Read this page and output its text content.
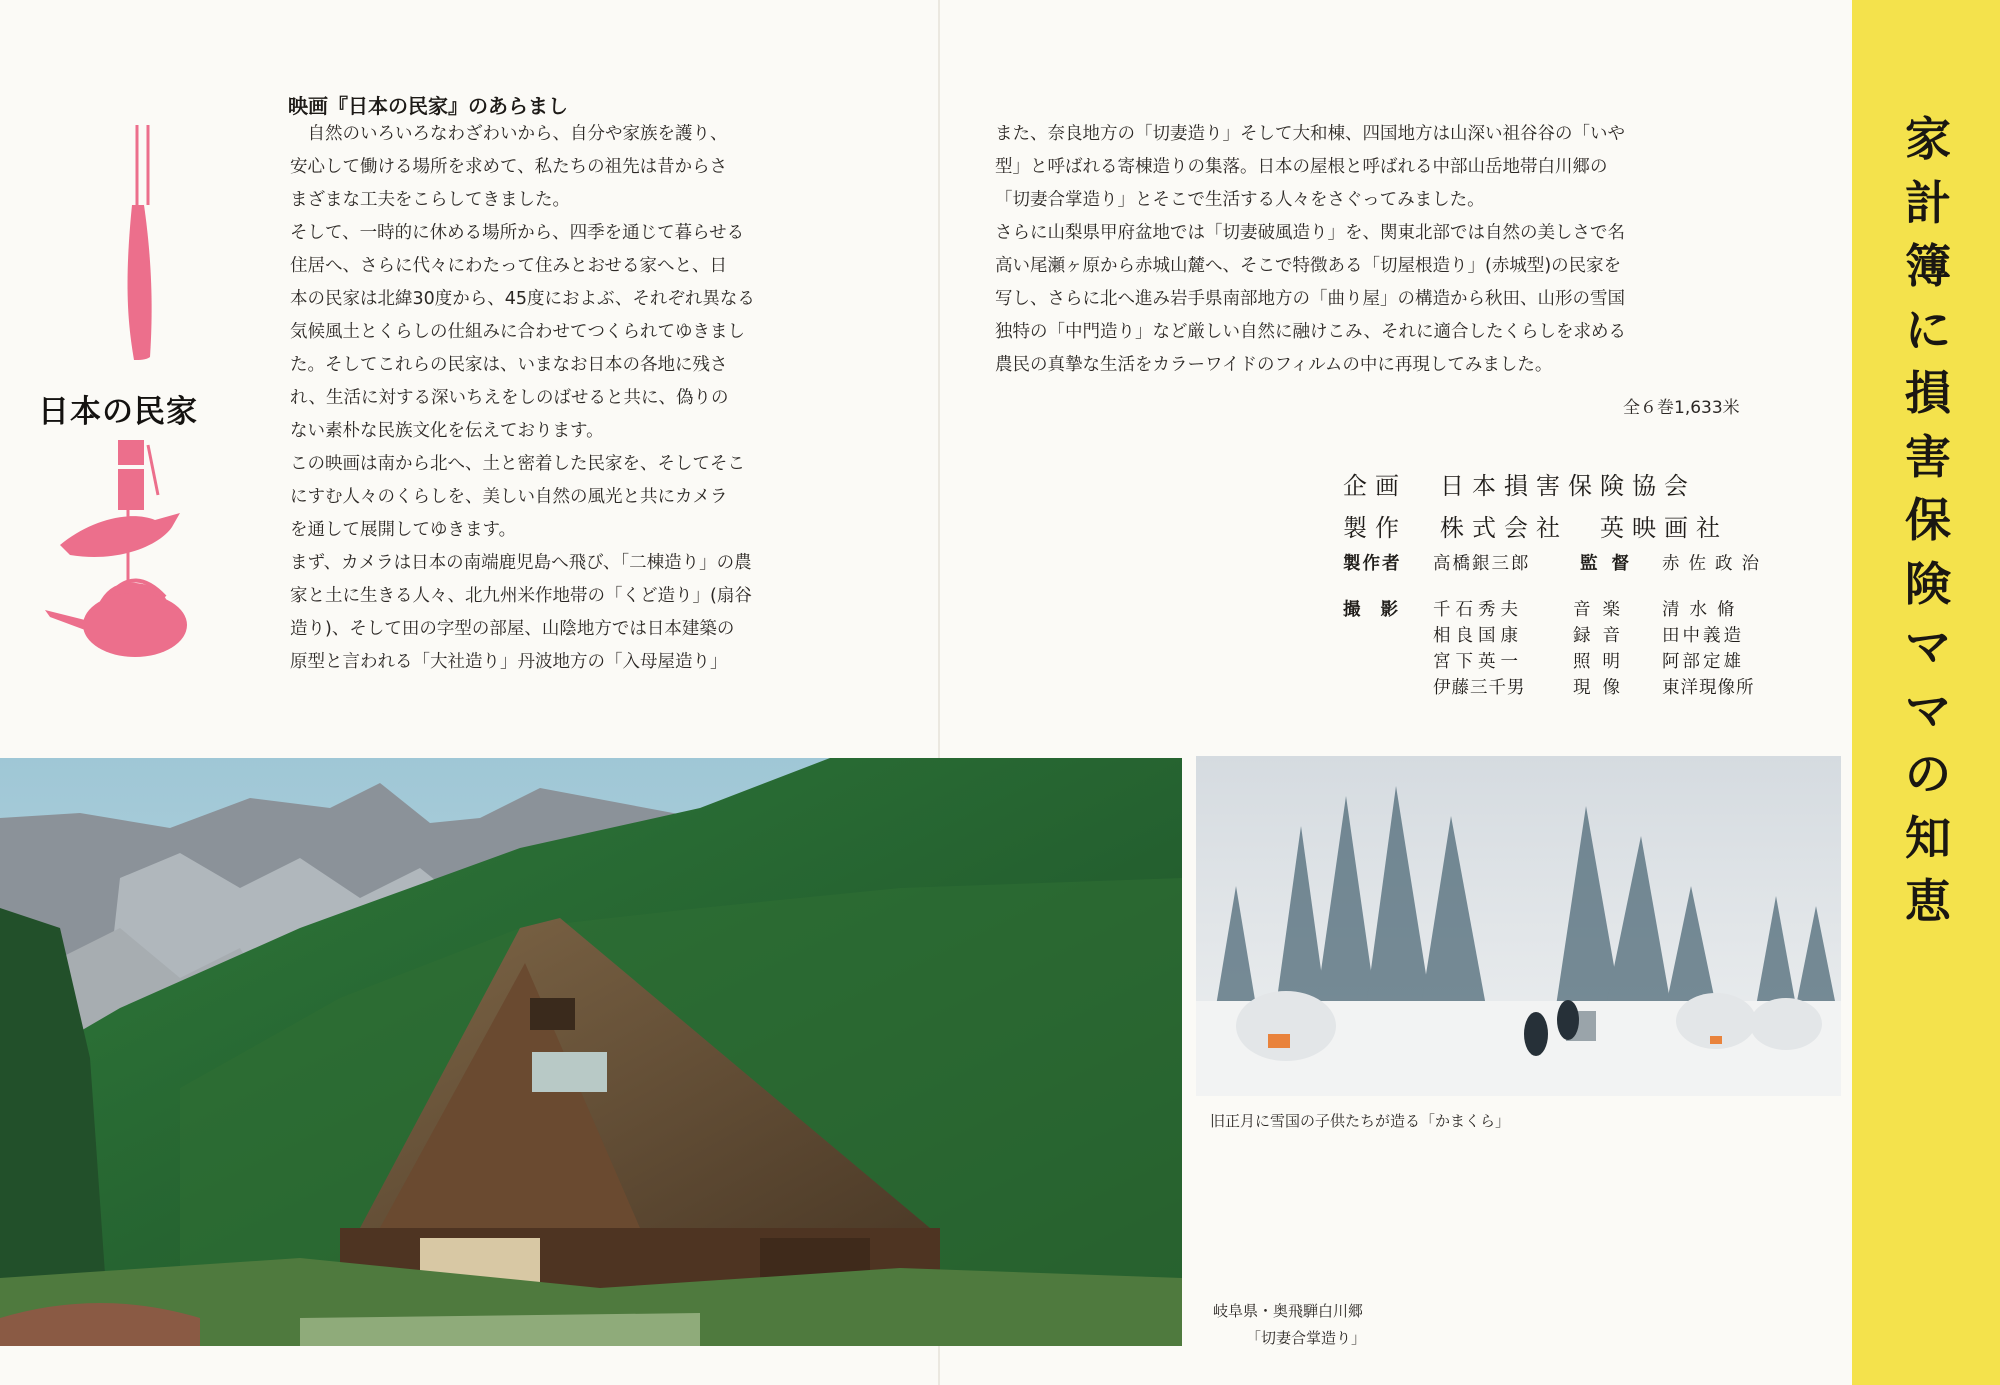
日本の民家
映画『日本の民家』のあらまし

　自然のいろいろなわざわいから、自分や家族を護り、

安心して働ける場所を求めて、私たちの祖先は昔からさ

まざまな工夫をこらしてきました。

そして、一時的に休める場所から、四季を通じて暮らせる

住居へ、さらに代々にわたって住みとおせる家へと、日

本の民家は北緯30度から、45度におよぶ、それぞれ異なる

気候風土とくらしの仕組みに合わせてつくられてゆきまし

た。そしてこれらの民家は、いまなお日本の各地に残さ

れ、生活に対する深いちえをしのばせると共に、偽りの

ない素朴な民族文化を伝えております。

この映画は南から北へ、土と密着した民家を、そしてそこ

にすむ人々のくらしを、美しい自然の風光と共にカメラ

を通して展開してゆきます。

まず、カメラは日本の南端鹿児島へ飛び、「二棟造り」の農

家と土に生きる人々、北九州米作地帯の「くど造り」(扇谷

造り)、そして田の字型の部屋、山陰地方では日本建築の

原型と言われる「大社造り」丹波地方の「入母屋造り」

また、奈良地方の「切妻造り」そして大和棟、四国地方は山深い祖谷谷の「いや

型」と呼ばれる寄棟造りの集落。日本の屋根と呼ばれる中部山岳地帯白川郷の

「切妻合掌造り」とそこで生活する人々をさぐってみました。

さらに山梨県甲府盆地では「切妻破風造り」を、関東北部では自然の美しさで名

高い尾瀬ヶ原から赤城山麓へ、そこで特徴ある「切屋根造り」(赤城型)の民家を

写し、さらに北へ進み岩手県南部地方の「曲り屋」の構造から秋田、山形の雪国

独特の「中門造り」など厳しい自然に融けこみ、それに適合したくらしを求める

農民の真摯な生活をカラーワイドのフィルムの中に再現してみました。

全６巻1,633米
企画 日本損害保険協会
製作 株式会社　英映画社
製作者 高橋銀三郎	監督 赤佐政治
撮影 千石秀夫	音楽 清水脩
相良国康	録音 田中義造
宮下英一	照明 阿部定雄
伊藤三千男	現像 東洋現像所
旧正月に雪国の子供たちが造る「かまくら」
岐阜県・奥飛騨白川郷
「切妻合掌造り」
家
計
簿
に
損
害
保
険
マ
マ
の
知
恵
